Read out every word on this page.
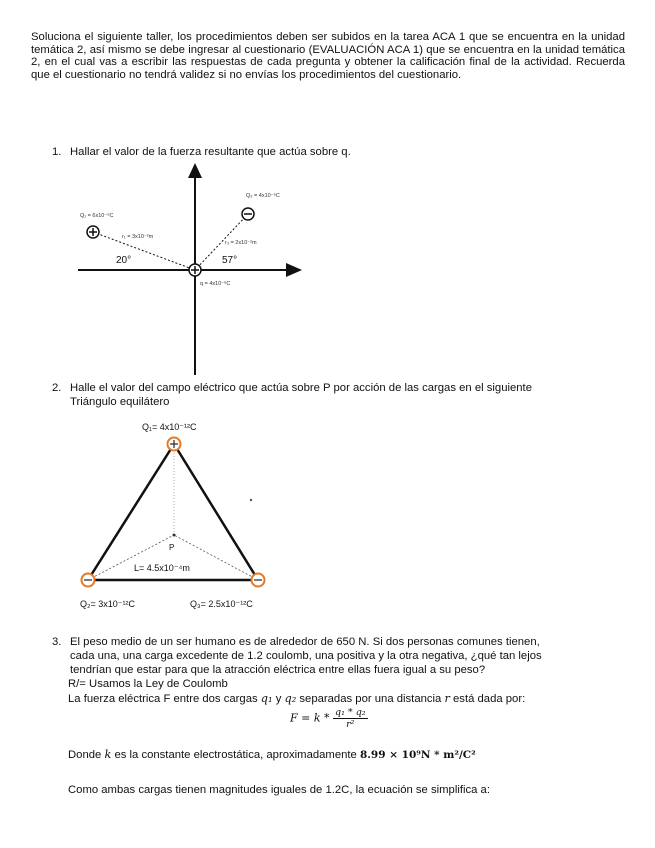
Soluciona el siguiente taller, los procedimientos deben ser subidos en la tarea ACA 1 que se encuentra en la unidad temática 2, así mismo se debe ingresar al cuestionario (EVALUACIÓN ACA 1) que se encuentra en la unidad temática 2, en el cual vas a escribir las respuestas de cada pregunta y obtener la calificación final de la actividad. Recuerda que el cuestionario no tendrá validez si no envías los procedimientos del cuestionario.
1. Hallar el valor de la fuerza resultante que actúa sobre q.
Q₁ = 6x10⁻⁶C
r₁ = 3x10⁻²m
Q₃ = 4x10⁻⁶C
r₃ = 2x10⁻²m
q = 4x10⁻⁶C
20°	57°
2. Halle el valor del campo eléctrico que actúa sobre P por acción de las cargas en el siguiente
Triángulo equilátero
Q₁= 4x10⁻¹²C
P
L= 4.5x10⁻⁴m
Q₂= 3x10⁻¹²C	Q₃= 2.5x10⁻¹²C
3. El peso medio de un ser humano es de alrededor de 650 N. Si dos personas comunes tienen,
cada una, una carga excedente de 1.2 coulomb, una positiva y la otra negativa, ¿qué tan lejos
tendrían que estar para que la atracción eléctrica entre ellas fuera igual a su peso?
R/= Usamos la Ley de Coulomb
La fuerza eléctrica F entre dos cargas q₁ y q₂ separadas por una distancia r está dada por:
$F = k * \frac{\text{q₁ * q₂}}{\text{r²}}$
Donde k es la constante electrostática, aproximadamente 8.99 × 10⁹N * m²/C²
Como ambas cargas tienen magnitudes iguales de 1.2C, la ecuación se simplifica a:
